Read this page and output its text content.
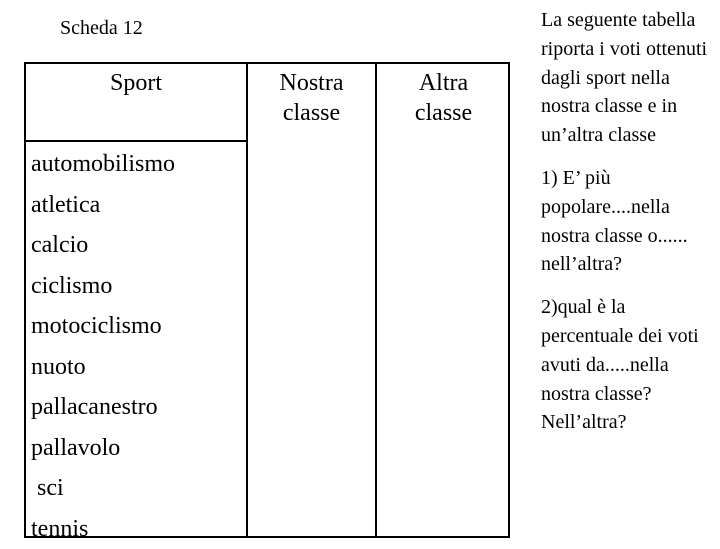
Scheda 12
Sport	Nostra
classe
Altra
classe
automobilismo
atletica
calcio
ciclismo
motociclismo
nuoto
pallacanestro
pallavolo
sci
tennis

La seguente tabella riporta i voti ottenuti dagli sport nella nostra classe e in un’altra classe

1) E’ più popolare....nella nostra classe o...... nell’altra?

2)qual è la percentuale dei voti avuti da.....nella nostra classe? Nell’altra?
